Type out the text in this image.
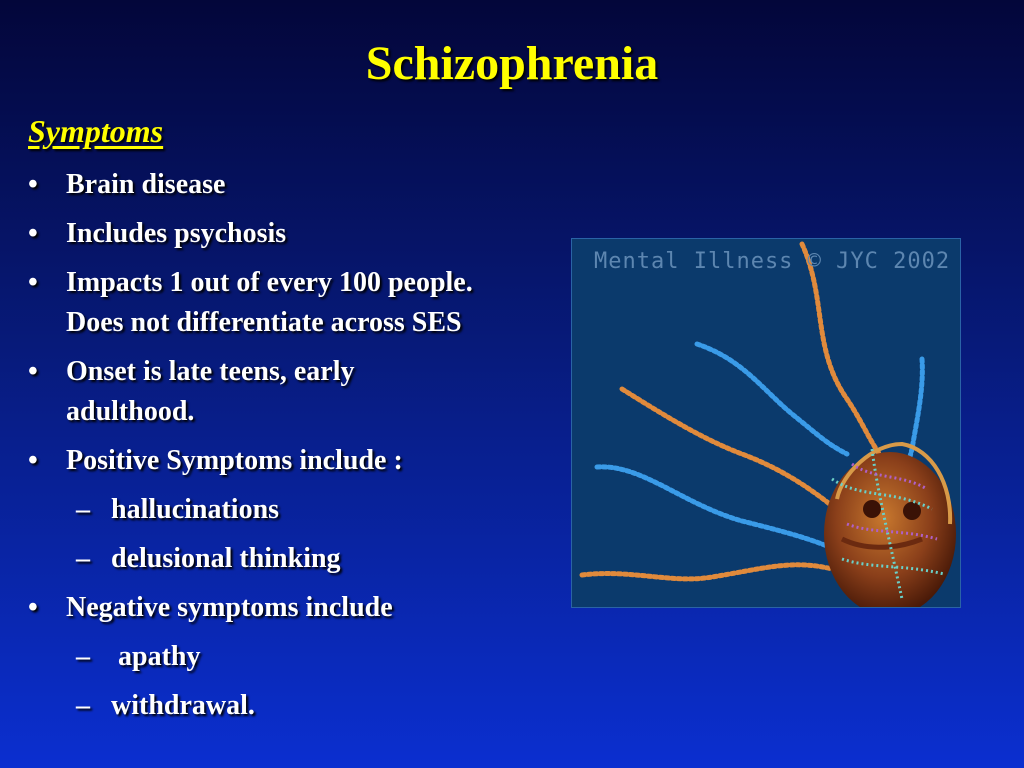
Schizophrenia
Symptoms
• Brain disease
• Includes psychosis
• Impacts 1 out of every 100 people.
Does not differentiate across SES
• Onset is late teens, early
adulthood.
• Positive Symptoms include :
– hallucinations
– delusional thinking
• Negative symptoms include
– apathy
– withdrawal.
Mental Illness © JYC 2002
